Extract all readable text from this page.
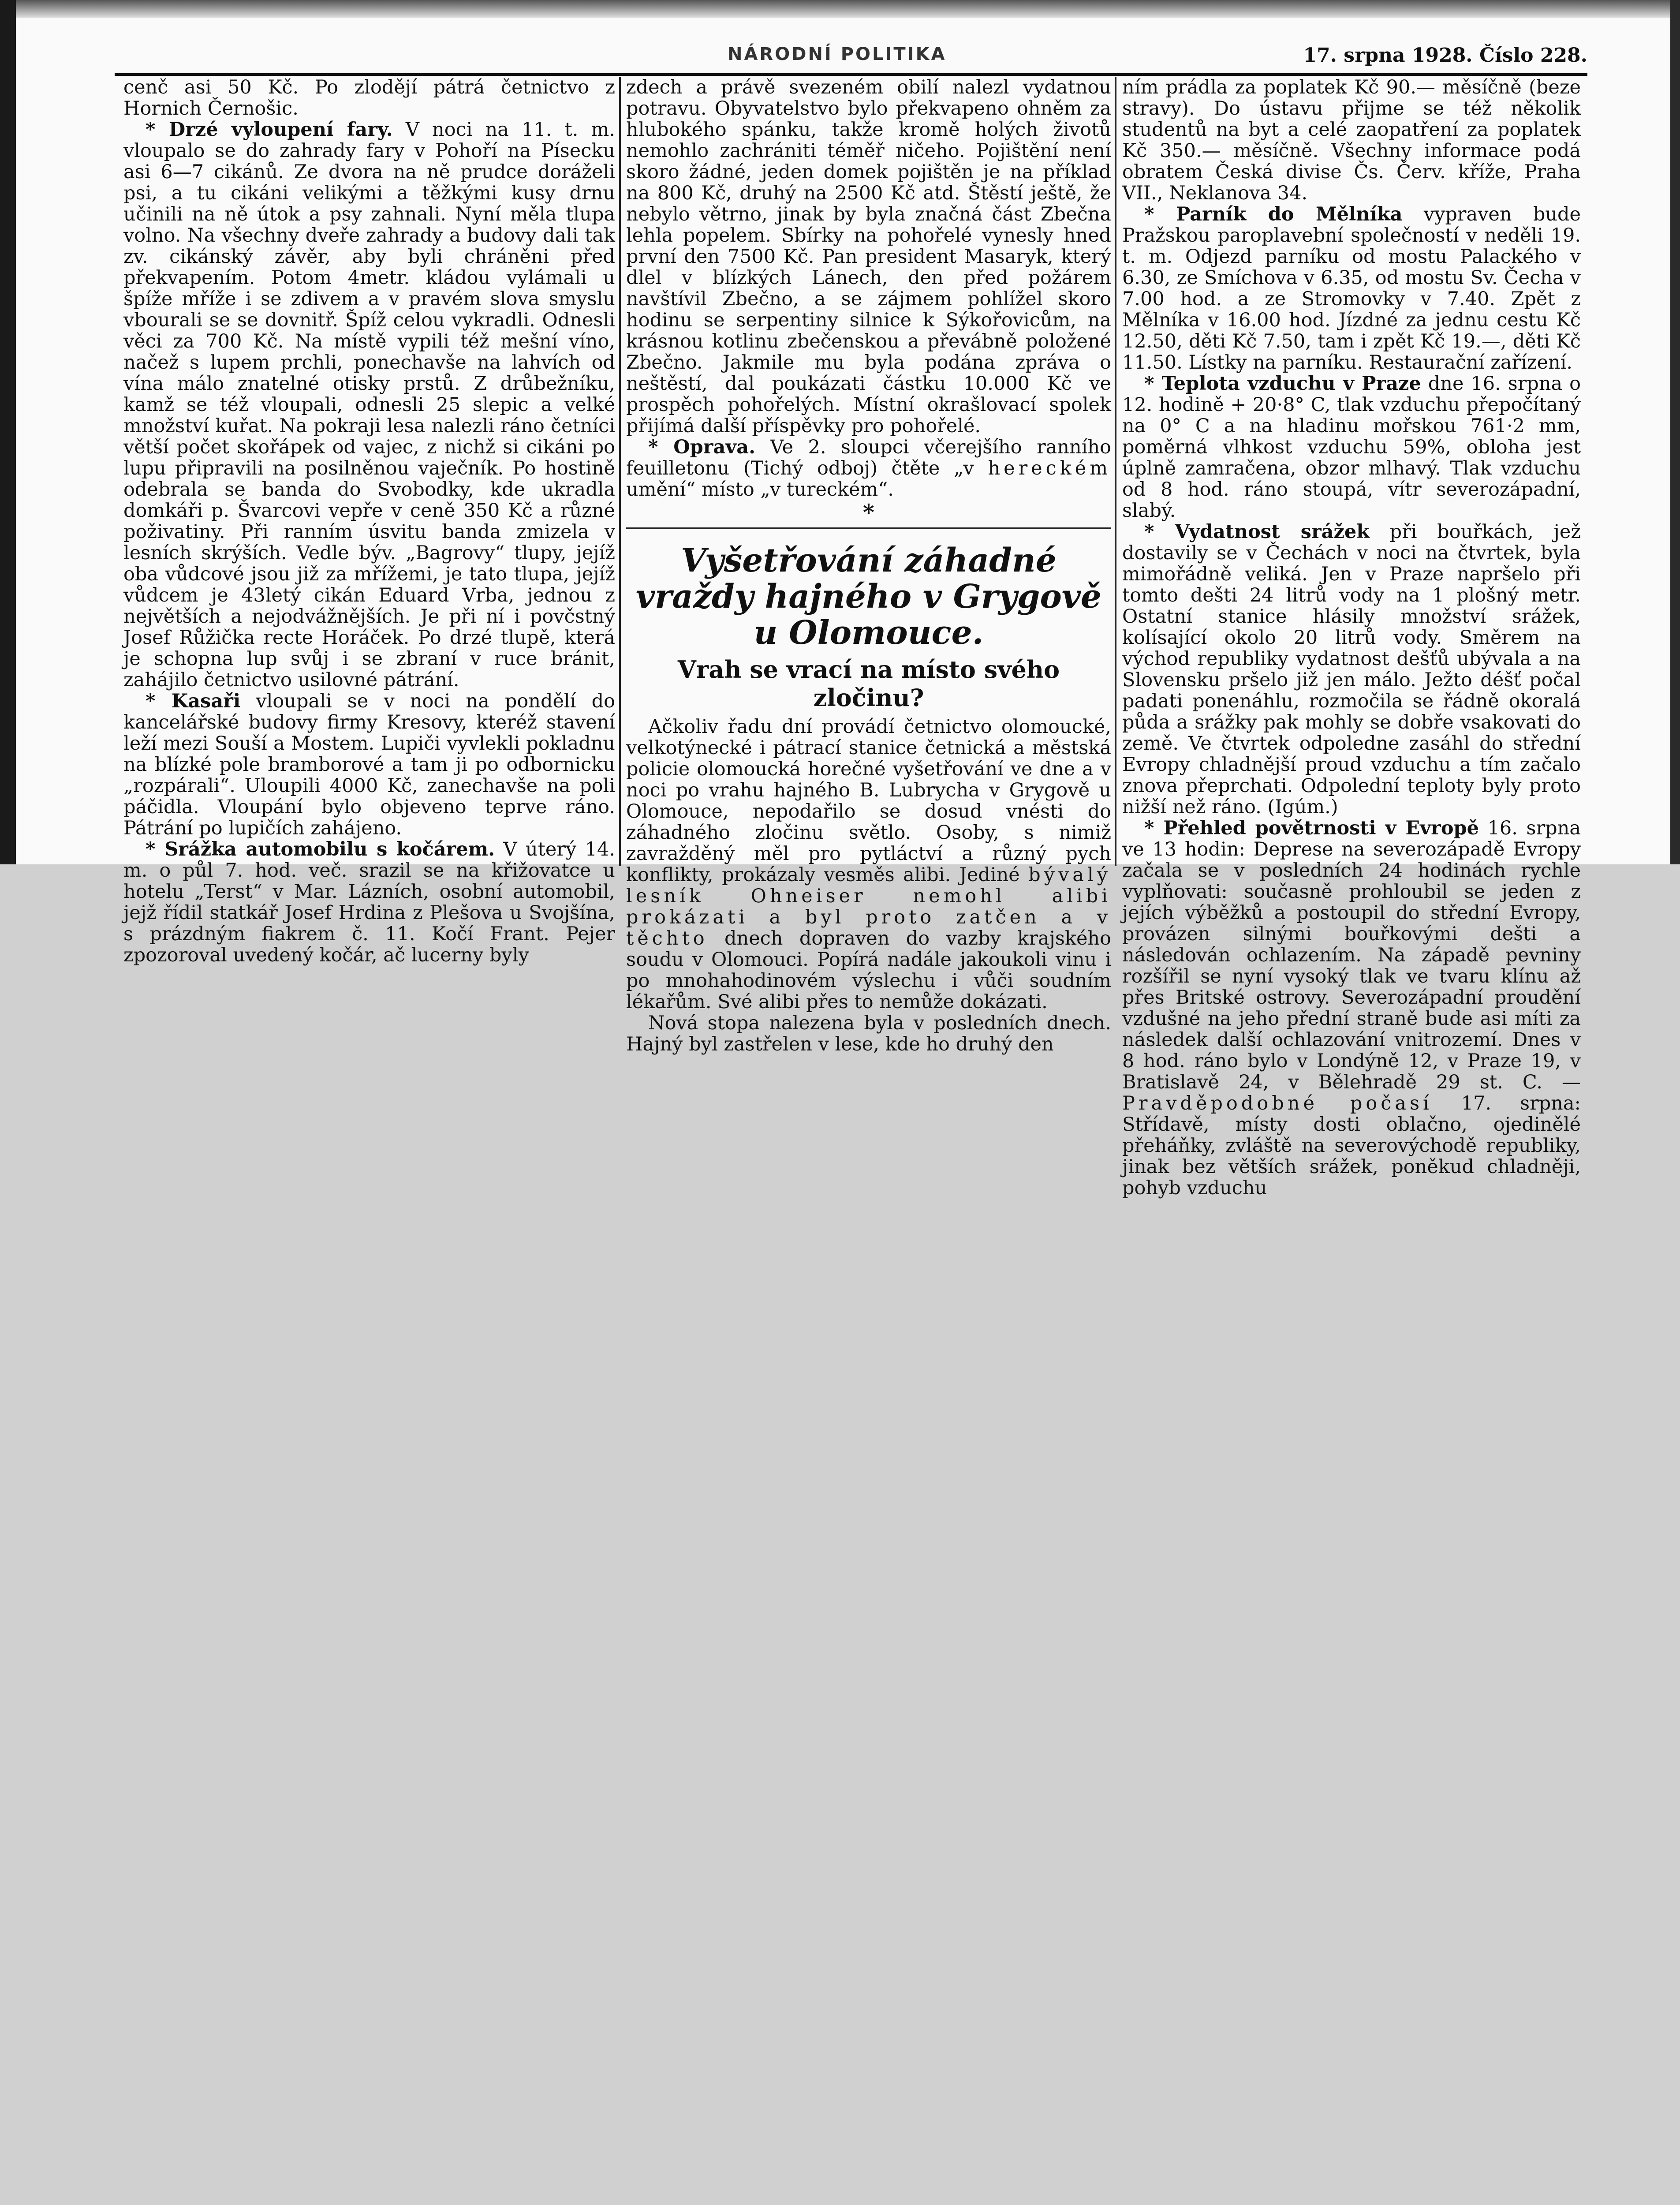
NÁRODNÍ POLITIKA	17. srpna 1928. Číslo 228.

cenč asi 50 Kč. Po zlodějí pátrá četnictvo z Hornich Černošic.

* Drzé vyloupení fary. V noci na 11. t. m. vloupalo se do zahrady fary v Pohoří na Písecku asi 6—7 cikánů. Ze dvora na ně prudce doráželi psi, a tu cikáni velikými a těžkými kusy drnu učinili na ně útok a psy zahnali. Nyní měla tlupa volno. Na všechny dveře zahrady a budovy dali tak zv. cikánský závěr, aby byli chráněni před překvapením. Potom 4metr. kládou vylámali u špíže mříže i se zdivem a v pravém slova smyslu vbourali se se dovnitř. Špíž celou vykradli. Odnesli věci za 700 Kč. Na místě vypili též mešní víno, načež s lupem prchli, ponechavše na lahvích od vína málo znatelné otisky prstů. Z drůbežníku, kamž se též vloupali, odnesli 25 slepic a velké množství kuřat. Na pokraji lesa nalezli ráno četníci větší počet skořápek od vajec, z nichž si cikáni po lupu připravili na posilněnou vaječník. Po hostině odebrala se banda do Svobodky, kde ukradla domkáři p. Švarcovi vepře v ceně 350 Kč a různé poživatiny. Při ranním úsvitu banda zmizela v lesních skrýších. Vedle býv. „Bagrovy“ tlupy, jejíž oba vůdcové jsou již za mřížemi, je tato tlupa, jejíž vůdcem je 43letý cikán Eduard Vrba, jednou z největších a nejodvážnějších. Je při ní i povčstný Josef Růžička recte Horáček. Po drzé tlupě, která je schopna lup svůj i se zbraní v ruce bránit, zahájilo četnictvo usilovné pátrání.

* Kasaři vloupali se v noci na pondělí do kancelářské budovy firmy Kresovy, kteréž stavení leží mezi Souší a Mostem. Lupiči vyvlekli pokladnu na blízké pole bramborové a tam ji po odbornicku „rozpárali“. Uloupili 4000 Kč, zanechavše na poli páčidla. Vloupání bylo objeveno teprve ráno. Pátrání po lupičích zahájeno.

* Srážka automobilu s kočárem. V úterý 14. m. o půl 7. hod. več. srazil se na křižovatce u hotelu „Terst“ v Mar. Lázních, osobní automobil, jejž řídil statkář Josef Hrdina z Plešova u Svojšína, s prázdným fiakrem č. 11. Kočí Frant. Pejer zpozoroval uvedený kočár, ač lucerny byly

zdech a právě svezeném obilí nalezl vydatnou potravu. Obyvatelstvo bylo překvapeno ohněm za hlubokého spánku, takže kromě holých životů nemohlo zachrániti téměř ničeho. Pojištění není skoro žádné, jeden domek pojištěn je na příklad na 800 Kč, druhý na 2500 Kč atd. Štěstí ještě, že nebylo větrno, jinak by byla značná část Zbečna lehla popelem. Sbírky na pohořelé vynesly hned první den 7500 Kč. Pan president Masaryk, který dlel v blízkých Lánech, den před požárem navštívil Zbečno, a se zájmem pohlížel skoro hodinu se serpentiny silnice k Sýkořovicům, na krásnou kotlinu zbečenskou a převábně položené Zbečno. Jakmile mu byla podána zpráva o neštěstí, dal poukázati částku 10.000 Kč ve prospěch pohořelých. Místní okrašlovací spolek přijímá další příspěvky pro pohořelé.

* Oprava. Ve 2. sloupci včerejšího ranního feuilletonu (Tichý odboj) čtěte „v hereckém umění“ místo „v tureckém“.

*
Vyšetřování záhadné vraždy hajného v Grygově u Olomouce.
Vrah se vrací na místo svého zločinu?

Ačkoliv řadu dní provádí četnictvo olomoucké, velkotýnecké i pátrací stanice četnická a městská policie olomoucká horečné vyšetřování ve dne a v noci po vrahu hajného B. Lubrycha v Grygově u Olomouce, nepodařilo se dosud vnésti do záhadného zločinu světlo. Osoby, s nimiž zavražděný měl pro pytláctví a různý pych konflikty, prokázaly vesměs alibi. Jediné bývalý lesník Ohneiser nemohl alibi prokázati a byl proto zatčen a v těchto dnech dopraven do vazby krajského soudu v Olomouci. Popírá nadále jakoukoli vinu i po mnohahodinovém výslechu i vůči soudním lékařům. Své alibi přes to nemůže dokázati.

Nová stopa nalezena byla v posledních dnech. Hajný byl zastřelen v lese, kde ho druhý den

ním prádla za poplatek Kč 90.— měsíčně (beze stravy). Do ústavu přijme se též několik studentů na byt a celé zaopatření za poplatek Kč 350.— měsíčně. Všechny informace podá obratem Česká divise Čs. Červ. kříže, Praha VII., Neklanova 34.

* Parník do Mělníka vypraven bude Pražskou paroplavební společností v neděli 19. t. m. Odjezd parníku od mostu Palackého v 6.30, ze Smíchova v 6.35, od mostu Sv. Čecha v 7.00 hod. a ze Stromovky v 7.40. Zpět z Mělníka v 16.00 hod. Jízdné za jednu cestu Kč 12.50, děti Kč 7.50, tam i zpět Kč 19.—, děti Kč 11.50. Lístky na parníku. Restaurační zařízení.

* Teplota vzduchu v Praze dne 16. srpna o 12. hodině + 20·8° C, tlak vzduchu přepočítaný na 0° C a na hladinu mořskou 761·2 mm, poměrná vlhkost vzduchu 59%, obloha jest úplně zamračena, obzor mlhavý. Tlak vzduchu od 8 hod. ráno stoupá, vítr severozápadní, slabý.

* Vydatnost srážek při bouřkách, jež dostavily se v Čechách v noci na čtvrtek, byla mimořádně veliká. Jen v Praze napršelo při tomto dešti 24 litrů vody na 1 plošný metr. Ostatní stanice hlásily množství srážek, kolísající okolo 20 litrů vody. Směrem na východ republiky vydatnost dešťů ubývala a na Slovensku pršelo již jen málo. Ježto déšť počal padati ponenáhlu, rozmočila se řádně okoralá půda a srážky pak mohly se dobře vsakovati do země. Ve čtvrtek odpoledne zasáhl do střední Evropy chladnější proud vzduchu a tím začalo znova přeprchati. Odpolední teploty byly proto nižší než ráno. (Igúm.)

* Přehled povětrnosti v Evropě 16. srpna ve 13 hodin: Deprese na severozápadě Evropy začala se v posledních 24 hodinách rychle vyplňovati: současně prohloubil se jeden z jejích výběžků a postoupil do střední Evropy, provázen silnými bouřkovými dešti a následován ochlazením. Na západě pevniny rozšířil se nyní vysoký tlak ve tvaru klínu až přes Britské ostrovy. Severozápadní proudění vzdušné na jeho přední straně bude asi míti za následek další ochlazování vnitrozemí. Dnes v 8 hod. ráno bylo v Londýně 12, v Praze 19, v Bratislavě 24, v Bělehradě 29 st. C. — Pravděpodobné počasí 17. srpna: Střídavě, místy dosti oblačno, ojedinělé přeháňky, zvláště na severovýchodě republiky, jinak bez větších srážek, poněkud chladněji, pohyb vzduchu
